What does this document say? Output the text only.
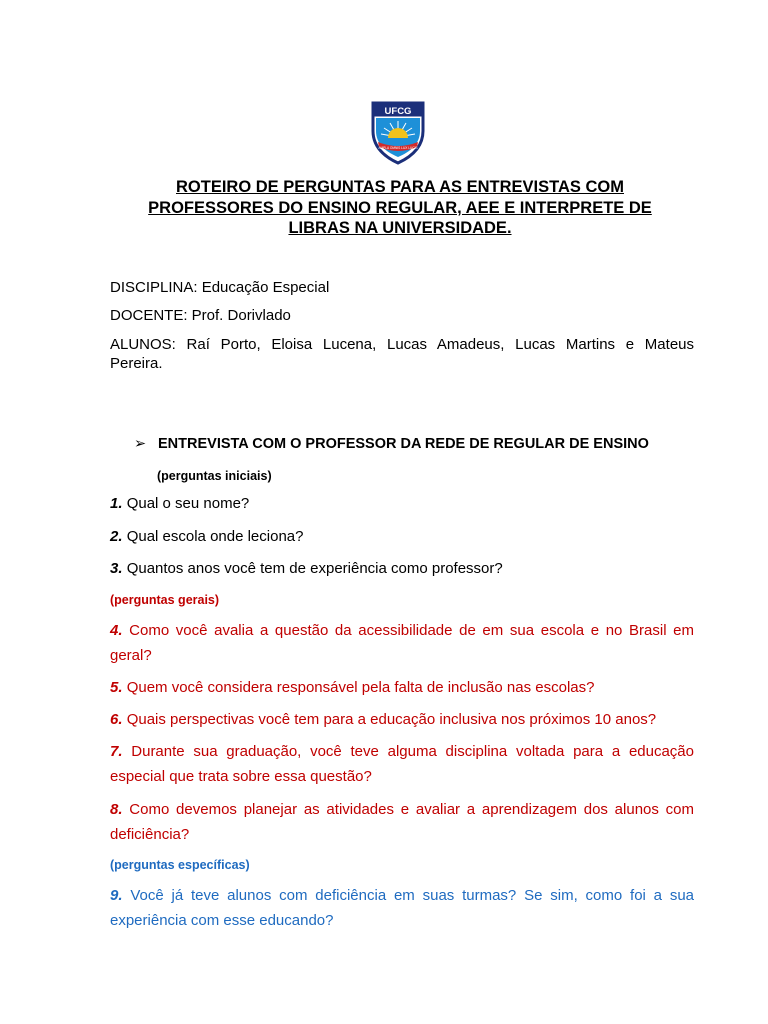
UFCG
AMPLA OMNIS LUX LUCIS
ROTEIRO DE PERGUNTAS PARA AS ENTREVISTAS COM
PROFESSORES DO ENSINO REGULAR, AEE E INTERPRETE DE
LIBRAS NA UNIVERSIDADE.
DISCIPLINA: Educação Especial
DOCENTE: Prof. Dorivlado
ALUNOS: Raí Porto, Eloisa Lucena, Lucas Amadeus, Lucas Martins e Mateus
Pereira.
➢ ENTREVISTA COM O PROFESSOR DA REDE DE REGULAR DE ENSINO
(perguntas iniciais)
1. Qual o seu nome?
2. Qual escola onde leciona?
3. Quantos anos você tem de experiência como professor?
(perguntas gerais)
4. Como você avalia a questão da acessibilidade de em sua escola e no Brasil em
geral?
5. Quem você considera responsável pela falta de inclusão nas escolas?
6. Quais perspectivas você tem para a educação inclusiva nos próximos 10 anos?
7. Durante sua graduação, você teve alguma disciplina voltada para a educação
especial que trata sobre essa questão?
8. Como devemos planejar as atividades e avaliar a aprendizagem dos alunos com
deficiência?
(perguntas específicas)
9. Você já teve alunos com deficiência em suas turmas? Se sim, como foi a sua
experiência com esse educando?
